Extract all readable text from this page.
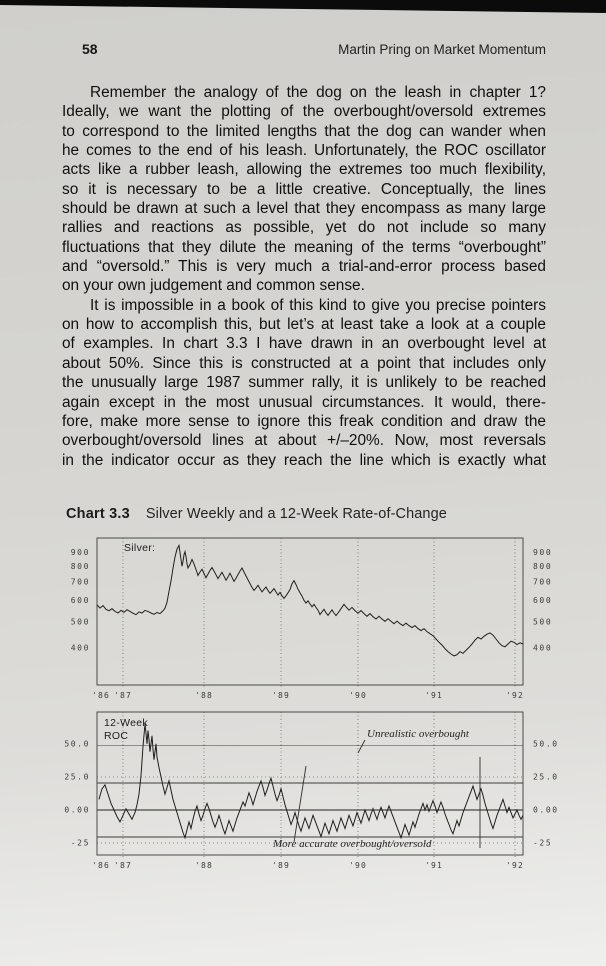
58	Martin Pring on Market Momentum
Remember the analogy of the dog on the leash in chapter 1?
Ideally, we want the plotting of the overbought/oversold extremes
to correspond to the limited lengths that the dog can wander when
he comes to the end of his leash. Unfortunately, the ROC oscillator
acts like a rubber leash, allowing the extremes too much flexibility,
so it is necessary to be a little creative. Conceptually, the lines
should be drawn at such a level that they encompass as many large
rallies and reactions as possible, yet do not include so many
fluctuations that they dilute the meaning of the terms “overbought”
and “oversold.” This is very much a trial-and-error process based
on your own judgement and common sense.
It is impossible in a book of this kind to give you precise pointers
on how to accomplish this, but let’s at least take a look at a couple
of examples. In chart 3.3 I have drawn in an overbought level at
about 50%. Since this is constructed at a point that includes only
the unusually large 1987 summer rally, it is unlikely to be reached
again except in the most unusual circumstances. It would, there-
fore, make more sense to ignore this freak condition and draw the
overbought/oversold lines at about +/–20%. Now, most reversals
in the indicator occur as they reach the line which is exactly what
Chart 3.3 Silver Weekly and a 12-Week Rate-of-Change
'86 '87	'88	'89	'90	'91	'92
900	900
800	800
700	700
600	600
500	500
400	400
Silver:
'86 '87	'88	'89	'90	'91	'92
50.0	50.0
25.0	25.0
0.00	0.00
-25	-25
12-Week
ROC	Unrealistic overbought
More accurate overbought/oversold
